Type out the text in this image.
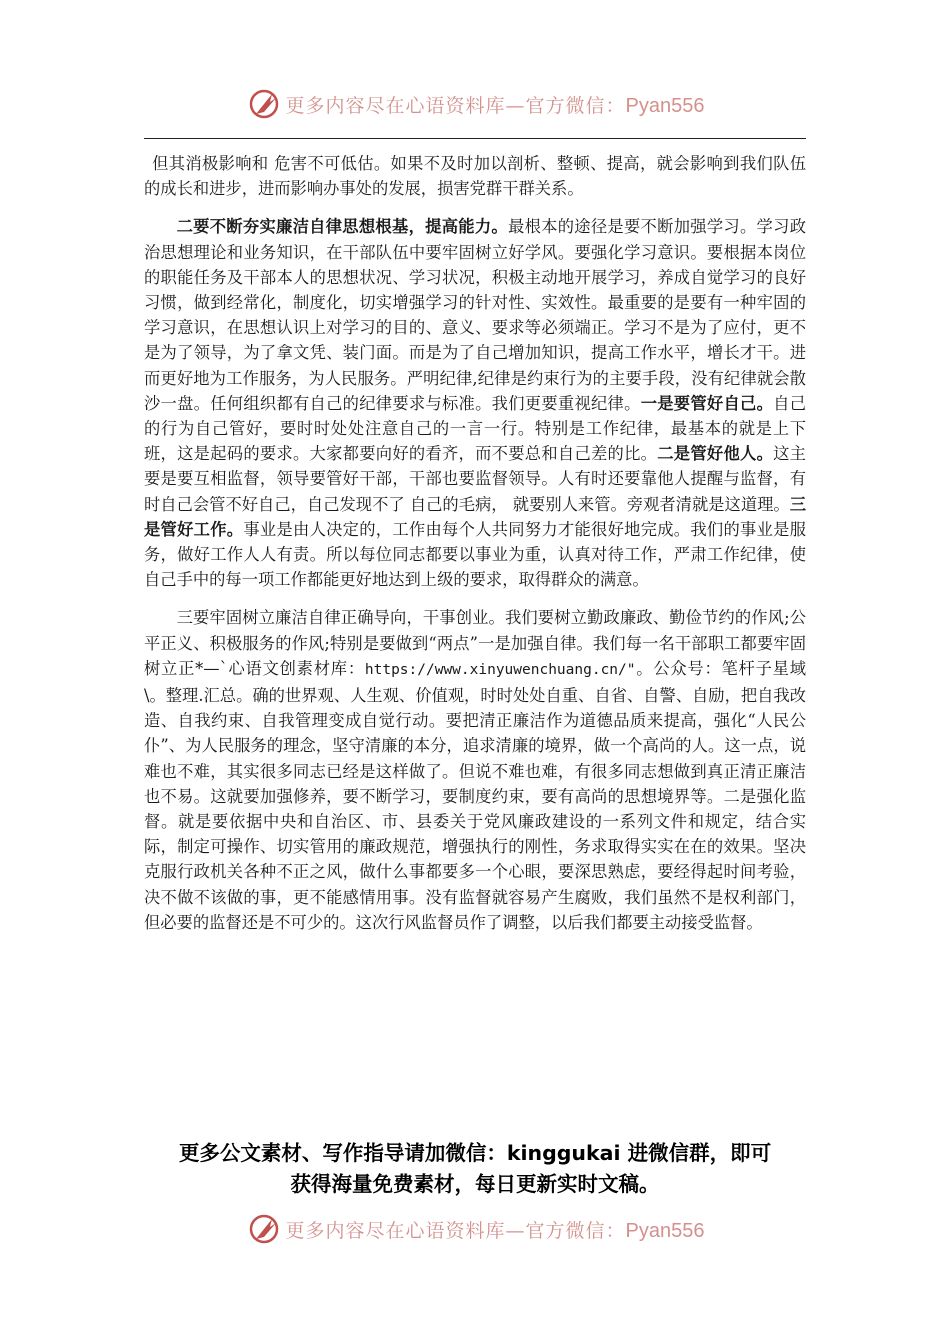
更多内容尽在心语资料库—官方微信：Pyan556

但其消极影响和 危害不可低估。如果不及时加以剖析、整顿、提高，就会影响到我们队伍的成长和进步，进而影响办事处的发展，损害党群干群关系。

二要不断夯实廉洁自律思想根基，提高能力。最根本的途径是要不断加强学习。学习政治思想理论和业务知识，在干部队伍中要牢固树立好学风。要强化学习意识。要根据本岗位的职能任务及干部本人的思想状况、学习状况，积极主动地开展学习，养成自觉学习的良好习惯，做到经常化，制度化，切实增强学习的针对性、实效性。最重要的是要有一种牢固的学习意识，在思想认识上对学习的目的、意义、要求等必须端正。学习不是为了应付，更不是为了领导，为了拿文凭、装门面。而是为了自己增加知识，提高工作水平，增长才干。进而更好地为工作服务，为人民服务。严明纪律,纪律是约束行为的主要手段，没有纪律就会散 沙一盘。任何组织都有自己的纪律要求与标准。我们更要重视纪律。一是要管好自己。自己的行为自己管好，要时时处处注意自己的一言一行。特别是工作纪律，最基本的就是上下班，这是起码的要求。大家都要向好的看齐，而不要总和自己差的比。二是管好他人。这主要是要互相监督，领导要管好干部，干部也要监督领导。人有时还要靠他人提醒与监督，有时自己会管不好自己，自己发现不了 自己的毛病， 就要别人来管。旁观者清就是这道理。三是管好工作。事业是由人决定的，工作由每个人共同努力才能很好地完成。我们的事业是服务，做好工作人人有责。所以每位同志都要以事业为重，认真对待工作，严肃工作纪律，使自己手中的每一项工作都能更好地达到上级的要求，取得群众的满意。

三要牢固树立廉洁自律正确导向，干事创业。我们要树立勤政廉政、勤俭节约的作风;公平正义、积极服务的作风;特别是要做到“两点”一是加强自律。我们每一名干部职工都要牢固树立正*—`心语文创素材库：https://www.xinyuwenchuang.cn/"。公众号：笔杆子星域\。整理.汇总。确的世界观、人生观、价值观，时时处处自重、自省、自警、自励，把自我改造、自我约束、自我管理变成自觉行动。要把清正廉洁作为道德品质来提高，强化“人民公仆”、为人民服务的理念，坚守清廉的本分，追求清廉的境界，做一个高尚的人。这一点，说难也不难，其实很多同志已经是这样做了。但说不难也难，有很多同志想做到真正清正廉洁也不易。这就要加强修养，要不断学习，要制度约束，要有高尚的思想境界等。二是强化监督。就是要依据中央和自治区、市、县委关于党风廉政建设的一系列文件和规定，结合实际，制定可操作、切实管用的廉政规范，增强执行的刚性，务求取得实实在在的效果。坚决克服行政机关各种不正之风，做什么事都要多一个心眼，要深思熟虑，要经得起时间考验，决不做不该做的事，更不能感情用事。没有监督就容易产生腐败，我们虽然不是权利部门，但必要的监督还是不可少的。这次行风监督员作了调整，以后我们都要主动接受监督。

更多公文素材、写作指导请加微信：kinggukai 进微信群，即可
获得海量免费素材，每日更新实时文稿。
更多内容尽在心语资料库—官方微信：Pyan556
